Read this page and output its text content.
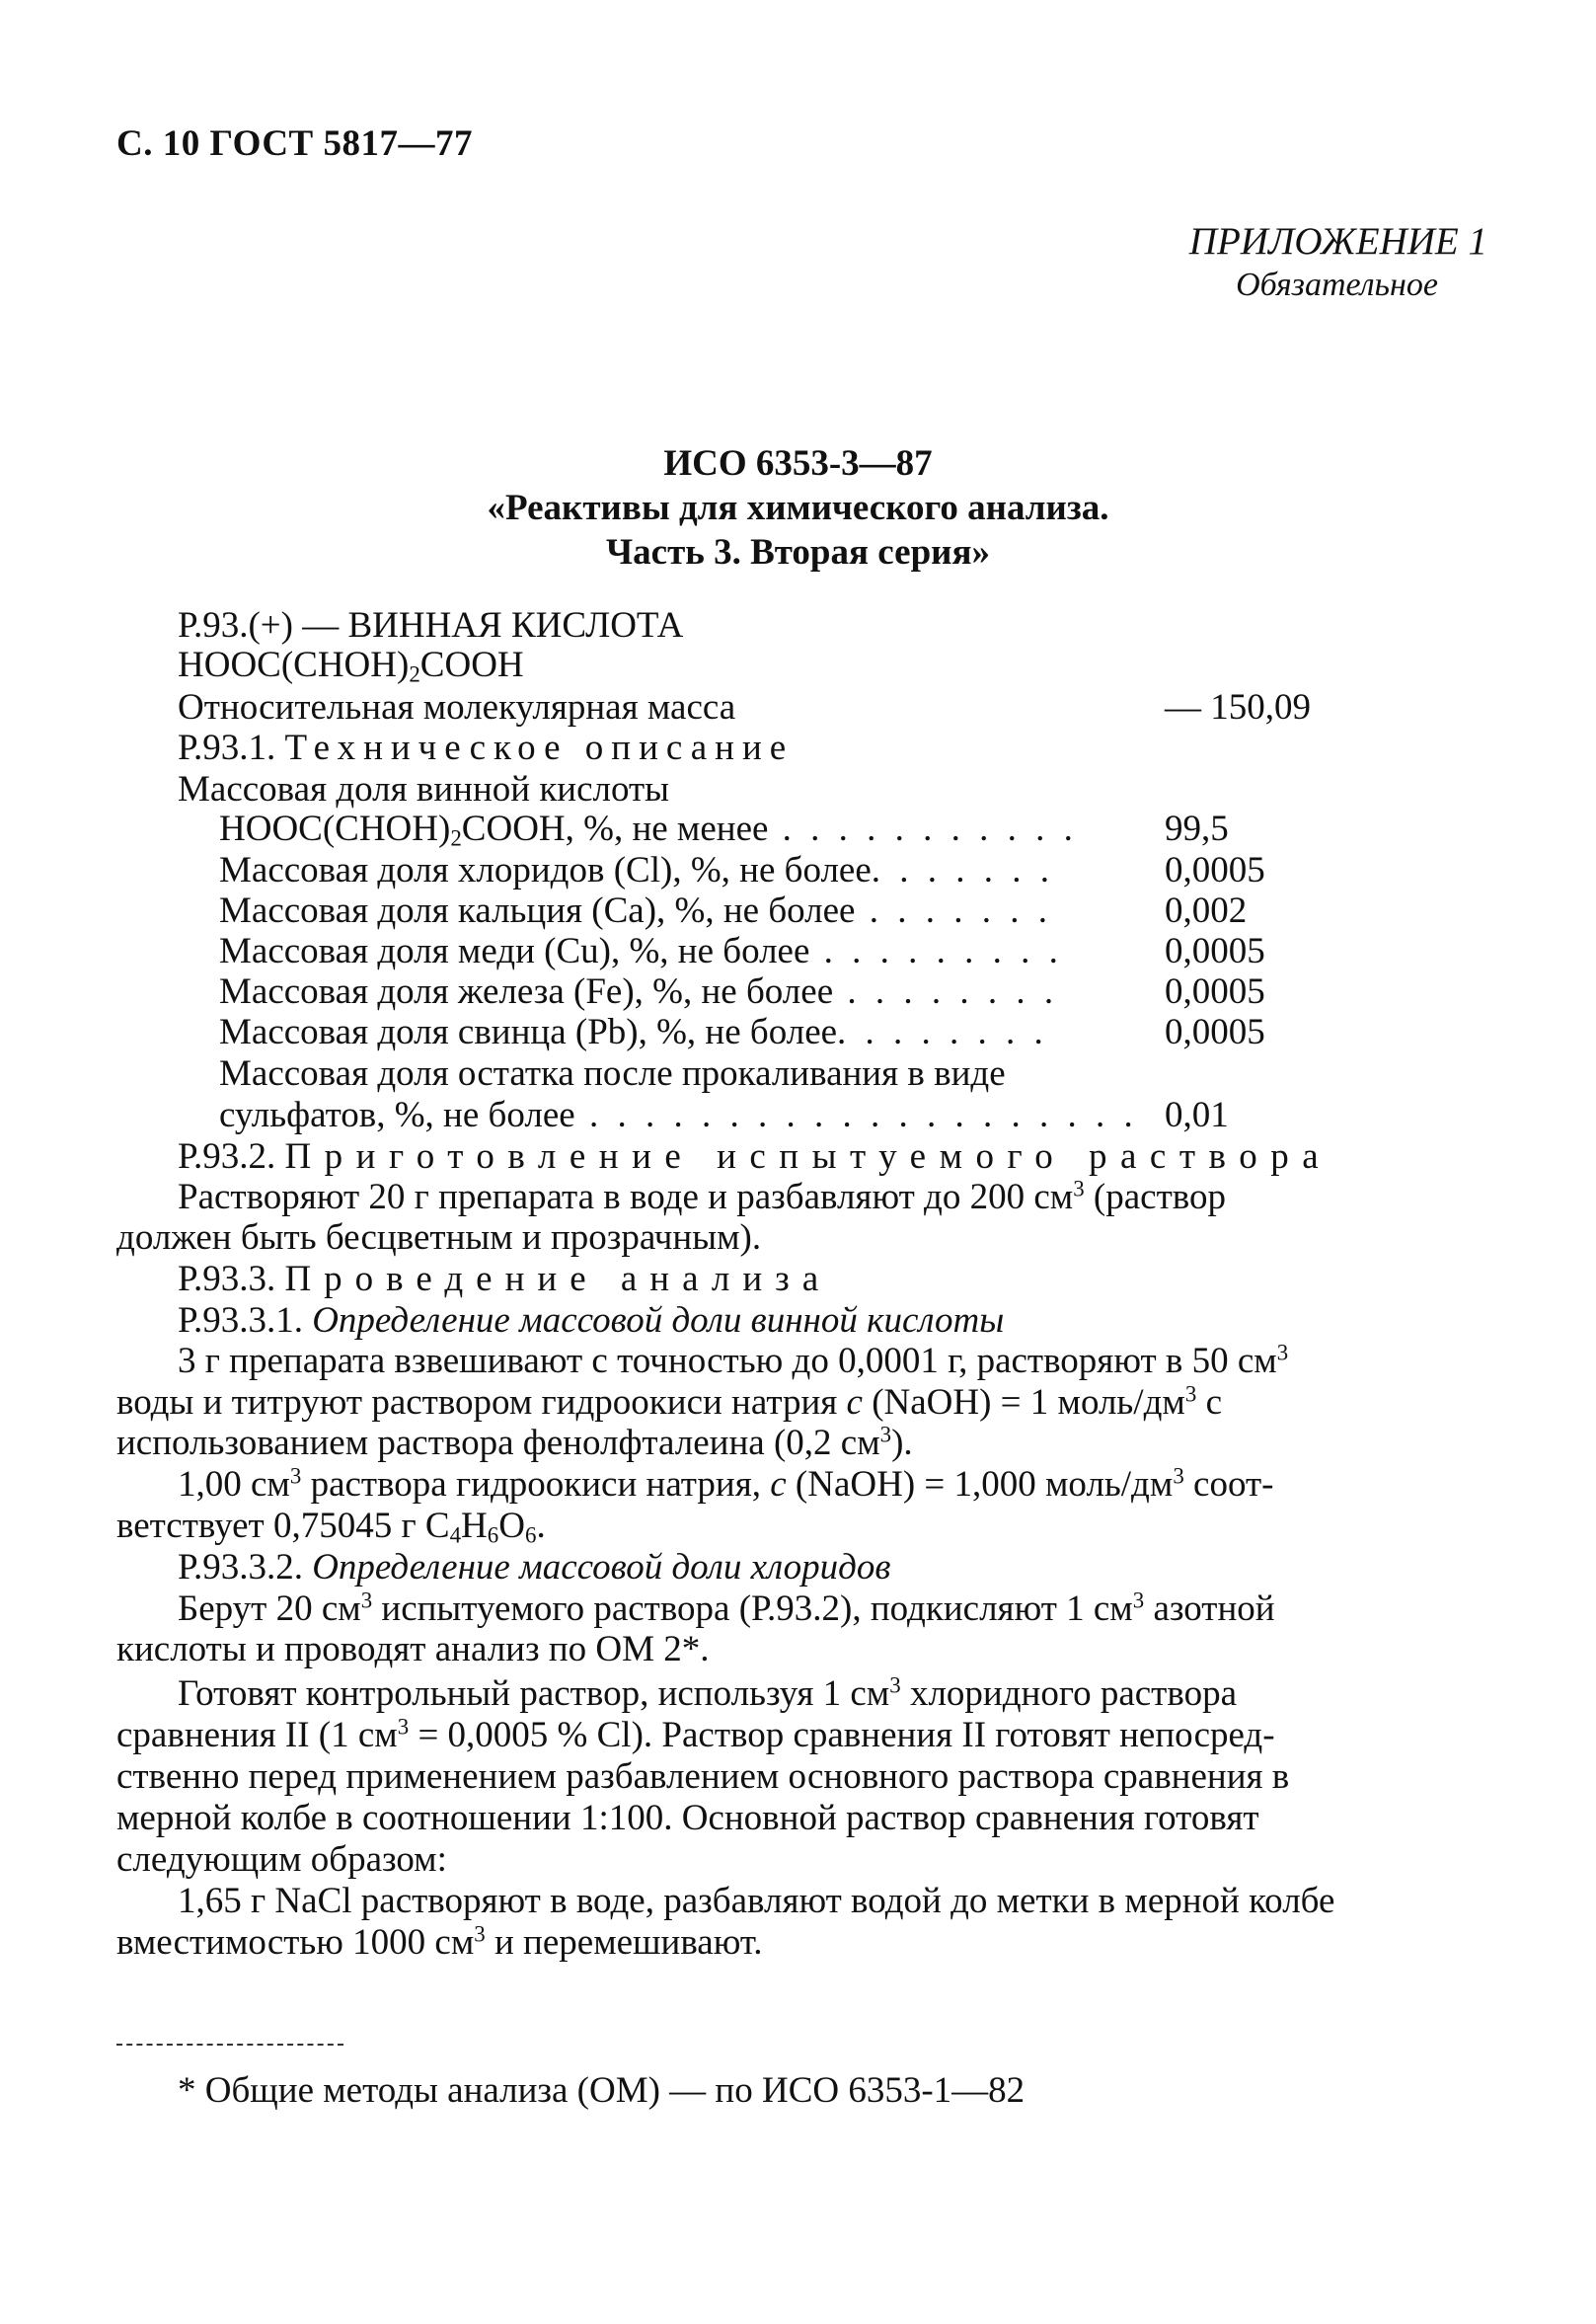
С. 10 ГОСТ 5817—77
ПРИЛОЖЕНИЕ 1
Обязательное
ИСО 6353-3—87
«Реактивы для химического анализа.
Часть 3. Вторая серия»
Р.93.(+) — ВИННАЯ КИСЛОТА
$HOOC(CHOH)_2COOH$
Относительная молекулярная масса	— 150,09
Р.93.1. Техническое описание
Массовая доля винной кислоты
$HOOC(CHOH)_2COOH$, %, не менее . . . . . . . . . . . 99,5
Массовая доля хлоридов (Cl), %, не более. . . . . . .	0,0005
Массовая доля кальция (Ca), %, не более . . . . . . .	0,002
Массовая доля меди (Cu), %, не более . . . . . . . . .	0,0005
Массовая доля железа (Fe), %, не более . . . . . . . .	0,0005
Массовая доля свинца (Pb), %, не более. . . . . . . .	0,0005
Массовая доля остатка после прокаливания в виде
сульфатов, %, не более . . . . . . . . . . . . . . . . . . . . 0,01
Р.93.2. Приготовление испытуемого раствора
Растворяют 20 г препарата в воде и разбавляют до 200 $см^3$ (раствор
должен быть бесцветным и прозрачным).
Р.93.3. Проведение анализа
Р.93.3.1. Определение массовой доли винной кислоты
3 г препарата взвешивают с точностью до 0,0001 г, растворяют в 50 $см^3$
воды и титруют раствором гидроокиси натрия c (NaOH) = 1 моль/$дм^3$ с
использованием раствора фенолфталеина (0,2 $см^3$).
1,00 $см^3$ раствора гидроокиси натрия, c (NaOH) = 1,000 моль/$дм^3$ соот-
ветствует 0,75045 г $C_4H_6O_6$.
Р.93.3.2. Определение массовой доли хлоридов
Берут 20 $см^3$ испытуемого раствора (Р.93.2), подкисляют 1 $см^3$ азотной
кислоты и проводят анализ по ОМ 2*.
Готовят контрольный раствор, используя 1 $см^3$ хлоридного раствора
сравнения II (1 $см^3 = 0,0005$ % Cl). Раствор сравнения II готовят непосред-
ственно перед применением разбавлением основного раствора сравнения в
мерной колбе в соотношении 1:100. Основной раствор сравнения готовят
следующим образом:
1,65 г NaCl растворяют в воде, разбавляют водой до метки в мерной колбе
вместимостью 1000 $см^3$ и перемешивают.
* Общие методы анализа (ОМ) — по ИСО 6353-1—82
